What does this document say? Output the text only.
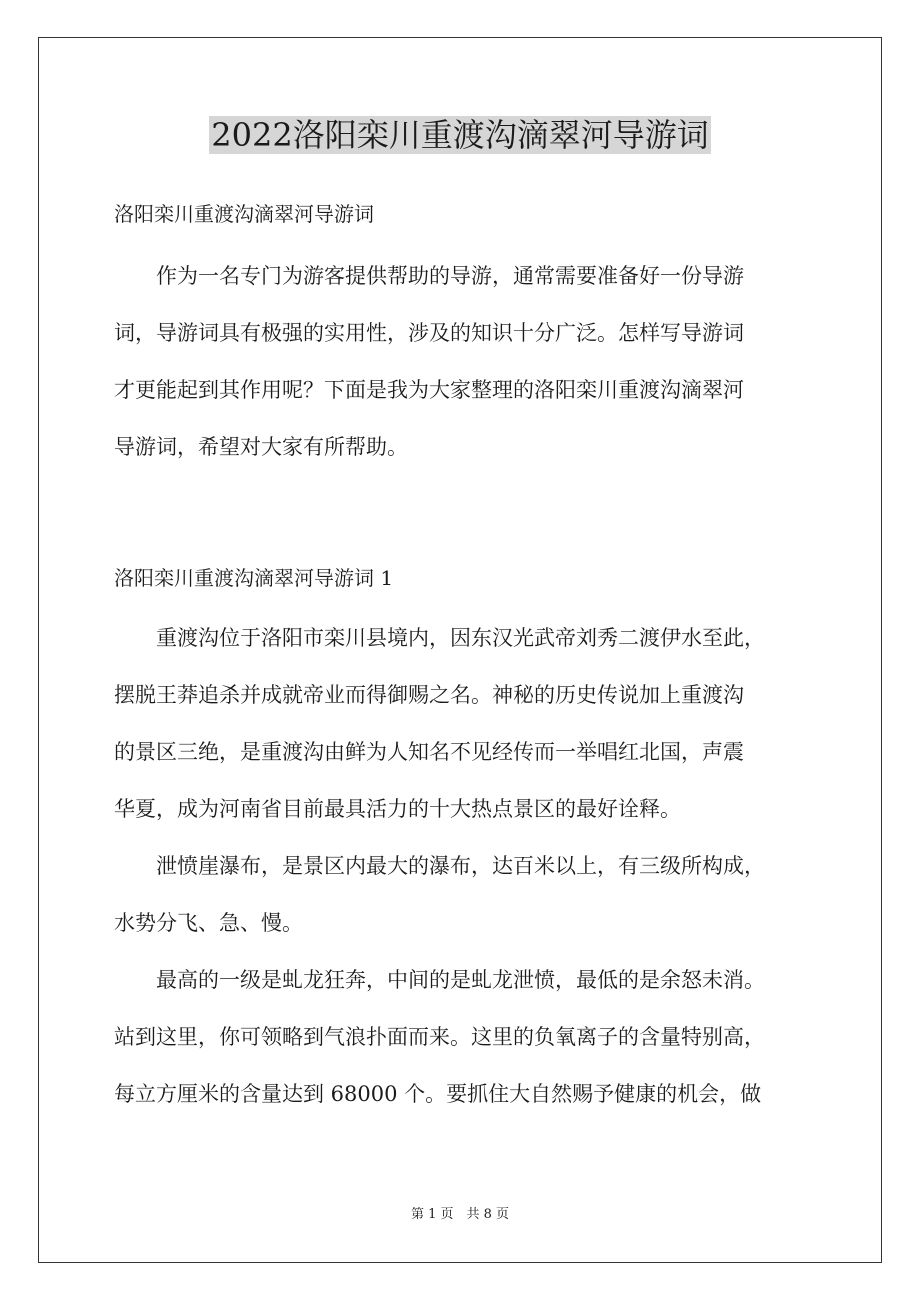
2022洛阳栾川重渡沟滴翠河导游词

洛阳栾川重渡沟滴翠河导游词

　　作为一名专门为游客提供帮助的导游，通常需要准备好一份导游
词，导游词具有极强的实用性，涉及的知识十分广泛。怎样写导游词
才更能起到其作用呢？下面是我为大家整理的洛阳栾川重渡沟滴翠河
导游词，希望对大家有所帮助。

洛阳栾川重渡沟滴翠河导游词 1

　　重渡沟位于洛阳市栾川县境内，因东汉光武帝刘秀二渡伊水至此，
摆脱王莽追杀并成就帝业而得御赐之名。神秘的历史传说加上重渡沟
的景区三绝，是重渡沟由鲜为人知名不见经传而一举唱红北国，声震
华夏，成为河南省目前最具活力的十大热点景区的最好诠释。
　　泄愤崖瀑布，是景区内最大的瀑布，达百米以上，有三级所构成，
水势分飞、急、慢。
　　最高的一级是虬龙狂奔，中间的是虬龙泄愤，最低的是余怒未消。
站到这里，你可领略到气浪扑面而来。这里的负氧离子的含量特别高，
每立方厘米的含量达到 68000 个。要抓住大自然赐予健康的机会，做

第 1 页　共 8 页
